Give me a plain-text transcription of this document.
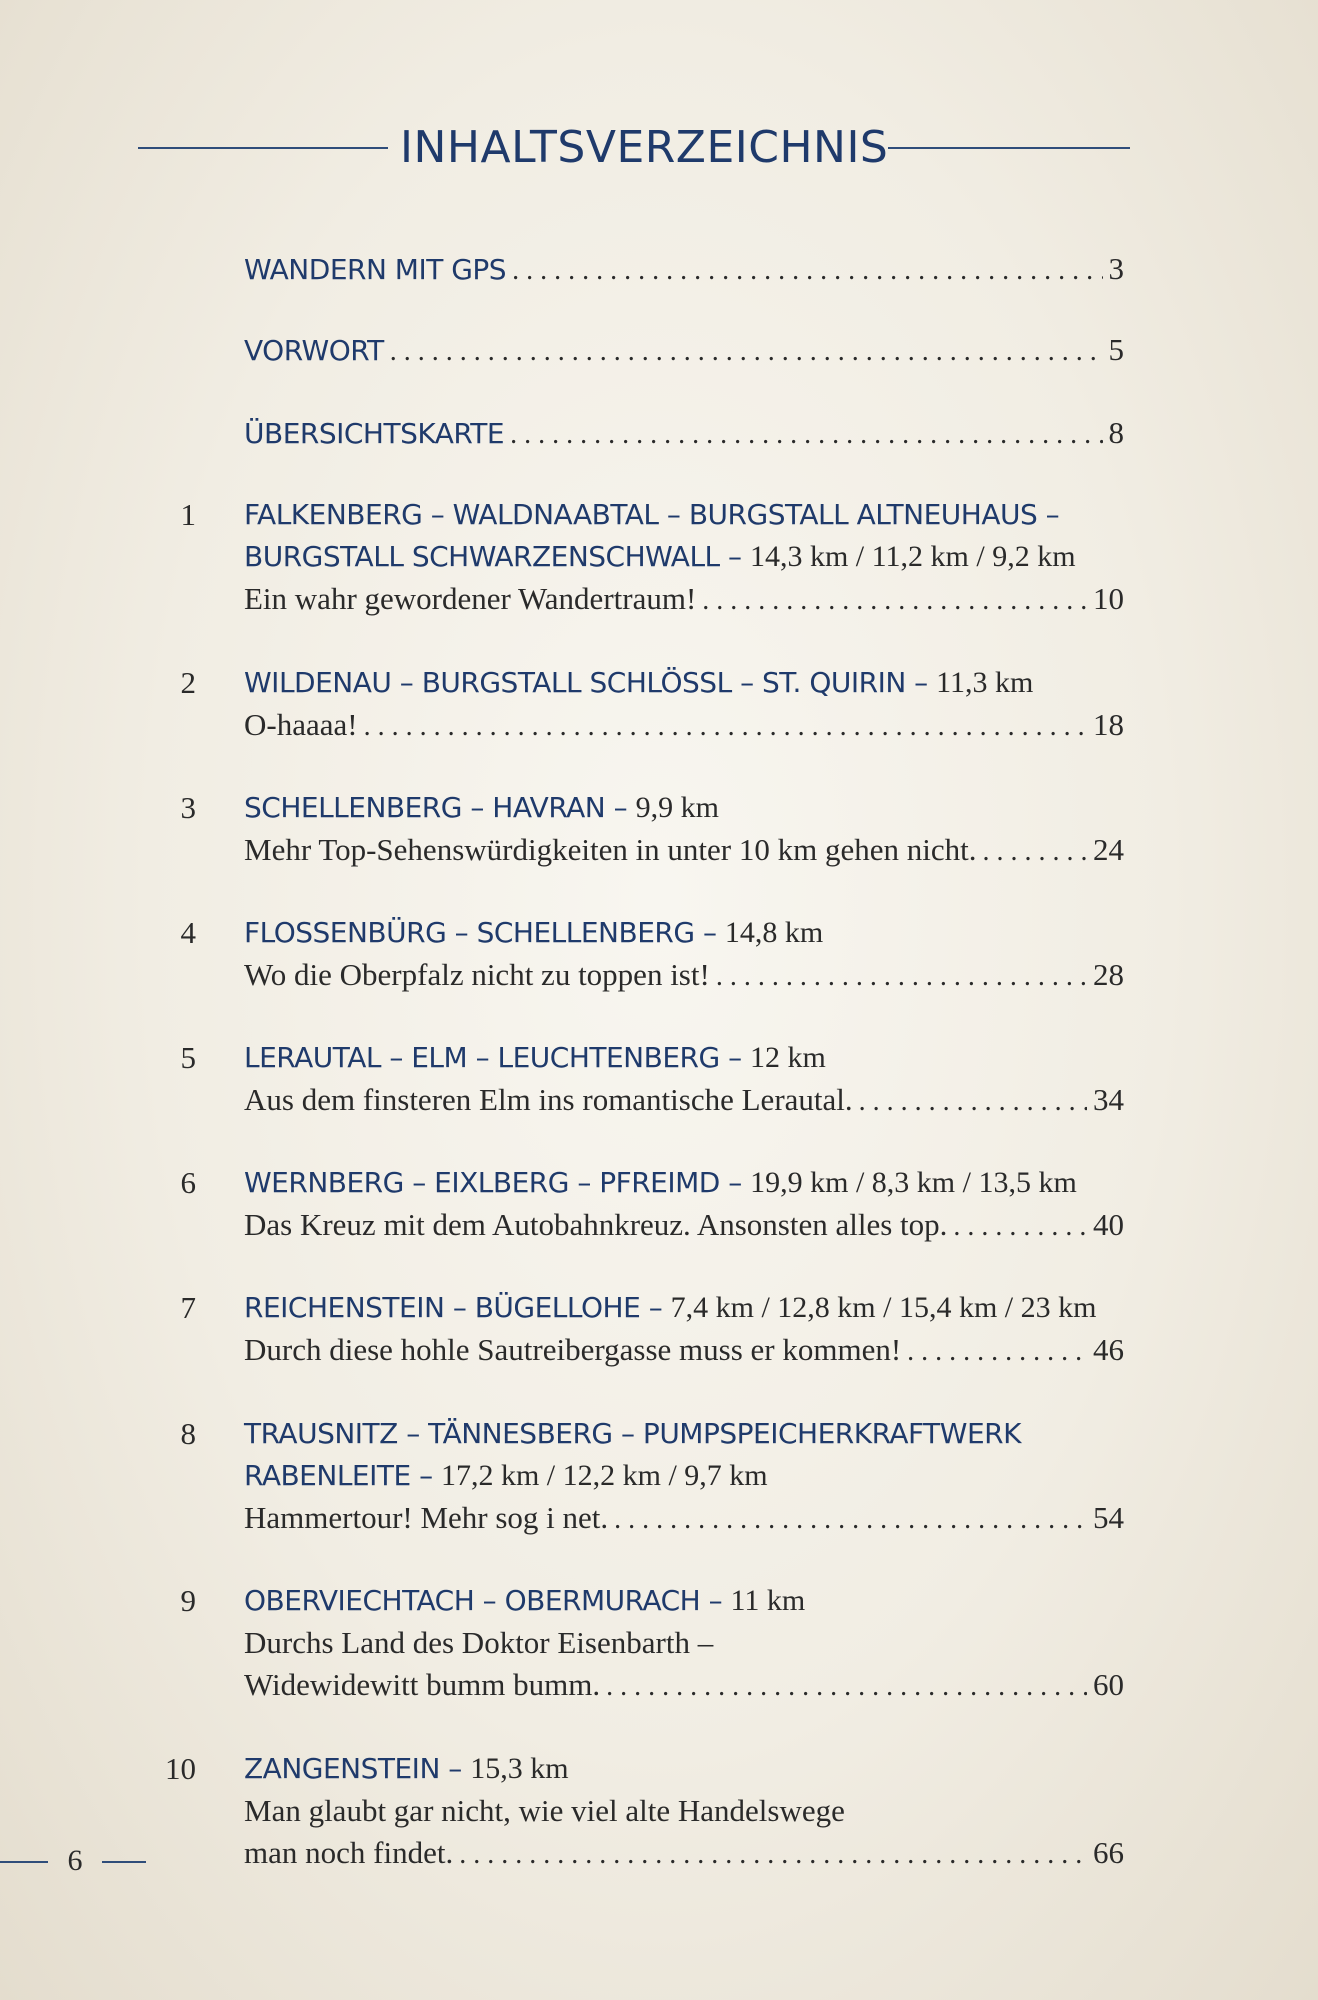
INHALTSVERZEICHNIS
WANDERN MIT GPS . . .	3
VORWORT . . .	5
ÜBERSICHTSKARTE . . .	8
1 FALKENBERG – WALDNAABTAL – BURGSTALL ALTNEUHAUS –
BURGSTALL SCHWARZENSCHWALL – 14,3 km / 11,2 km / 9,2 km
Ein wahr gewordener Wandertraum! . . .	10
2 WILDENAU – BURGSTALL SCHLÖSSL – ST. QUIRIN – 11,3 km
O-haaaa! . . .	18
3 SCHELLENBERG – HAVRAN – 9,9 km
Mehr Top-Sehenswürdigkeiten in unter 10 km gehen nicht. . . .	24
4 FLOSSENBÜRG – SCHELLENBERG – 14,8 km
Wo die Oberpfalz nicht zu toppen ist! . . .	28
5 LERAUTAL – ELM – LEUCHTENBERG – 12 km
Aus dem finsteren Elm ins romantische Lerautal. . . .	34
6 WERNBERG – EIXLBERG – PFREIMD – 19,9 km / 8,3 km / 13,5 km
Das Kreuz mit dem Autobahnkreuz. Ansonsten alles top. . . .	40
7 REICHENSTEIN – BÜGELLOHE – 7,4 km / 12,8 km / 15,4 km / 23 km
Durch diese hohle Sautreibergasse muss er kommen! . . .	46
8 TRAUSNITZ – TÄNNESBERG – PUMPSPEICHERKRAFTWERK
RABENLEITE – 17,2 km / 12,2 km / 9,7 km
Hammertour! Mehr sog i net. . . .	54
9 OBERVIECHTACH – OBERMURACH – 11 km
Durchs Land des Doktor Eisenbarth –
Widewidewitt bumm bumm. . . .	60
10 ZANGENSTEIN – 15,3 km
Man glaubt gar nicht, wie viel alte Handelswege
man noch findet. . . .	66
6
